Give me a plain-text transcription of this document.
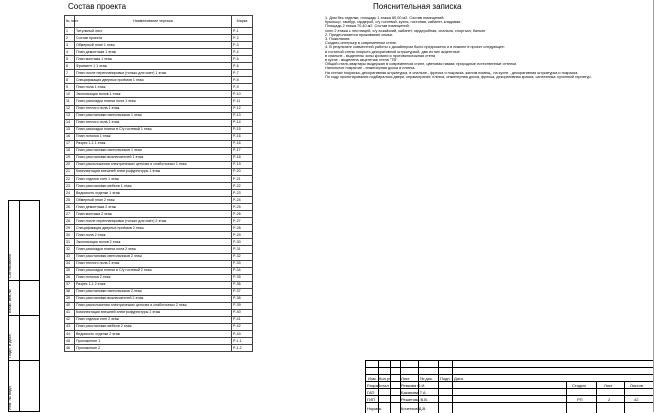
Согласовано
Взам. инв.№
Подп. и дата
Инв. № подп.
Состав проекта
№ лист	Наименование чертежа	Марка
1	Титульный лист	Р-1
2	Состав проекта	Р-2
3	Обмерный план 1 этаж	Р-3
4	План демонтажа 1 этаж	Р-4
5	План монтажа 1 этаж	Р-5
6	Фрагмент 1 1 этаж	Р-6
7	План после перепланировки (только для смет) 1 этаж	Р-7
8	Спецификация дверных проёмов 1 этаж	Р-8
9	План пола 1 этаж	Р-9
10	Экспликация полов 1 этаж	Р-10
11	План раскладки плитки пола 1 этаж	Р-11
12	План теплого пола 1 этаж	Р-12
13	План расстановки светильников 1 этаж	Р-13
14	План теплого пола 1 этаж	Р-14
15	План раскладки плитки в С/у гостевой 1 этаж	Р-15
16	План потолка 1 этаж	Р-16
17	Разрез 1-1 1 этаж	Р-16
18	План расстановки светильников 1 этаж	Р-17
19	План расстановки выключателей 1 этаж	Р-18
20	План расположения электрических цепочек и слаботочных 1 этаж	Р-19
21	Комплектация внешней электрофурнитуры 1 этаж	Р-20
22	План отделки стен 1 этаж	Р-21
23	План расстановки мебели 1 этаж	Р-22
24	Ведомость отделки 1 этаж	Р-23
25	Обмерный план 2 этаж	Р-24
26	План демонтажа 2 этаж	Р-25
27	План монтажа 2 этаж	Р-26
28	План после перепланировки (только для смет) 2 этаж	Р-27
29	Спецификация дверных проёмов 2 этаж	Р-28
30	План пола 2 этаж	Р-29
31	Экспликация полов 2 этаж	Р-30
32	План раскладки плитки пола 2 этаж	Р-31
33	План расстановки светильников 2 этаж	Р-32
34	План теплого пола 2 этаж	Р-33
35	План раскладки плитки в С/у гостевой 2 этаж	Р-34
36	План потолка 2 этаж	Р-35
37	Разрез 1-1 2 этаж	Р-36
38	План расстановки светильников 2 этаж	Р-37
39	План расстановки выключателей 2 этаж	Р-38
40	План расположения электрических цепочек и слаботочных 2 этаж	Р-39
41	Комплектация внешней электрофурнитуры 2 этаж	Р-40
42	План отделки стен 2 этаж	Р-41
43	План расстановки мебели 2 этаж	Р-42
44	Ведомость отделки 2 этаж	Р-43
45	Приложение 1	Р-1.1
46	Приложение 2	Р-1.2
Пояснительная записка
1. Дом без отделки, площадь 1 этажа 80,00 м2. Состав помещений:
Крыльцо, тамбур, гардероб, с/у гостевой, кухня, гостиная, кабинет, кладовая.
Площадь 2 этажа 70,40 м2. Состав помещений:
холл 2 этажа с лестницей, с/у хозяйский, кабинет, гардеробная, спальня, спортзал, балкон.
2. Предполагается проживание семьи.
3. Пожелания:
Создать интерьер в современном стиле.
4. В результате совместной работы с дизайнером было предложено и в нижнее в проект следующее:
в гостиной стены покрыть декоративной штукатуркой, два из них акцентные
в спальне - выделены зоны кровати и противоположная стена
в кухне - выделена акцентная стена "ТВ"
Общий стиль квартиры выдержан в современном стиле, цветовая гамма: природные естественные оттенки.
Напольное покрытие - инженерная доска и плитка.
На стенах покраска, декоративная штукатурка, в спальне - фреска и покраска, жилом помещ., на кухне - декоративная штукатурка и покраска.
По ходу проектирования подбирались двери, керамогранит, плитка, инженерная доска, фреска, декоративная краска, сантехника, кухонный гарнитур.
Изм. Кол.уч	Лист	№ док. Подп. Дата
Разработал	Ревкова О.И.
ГАП	Баканова Т.А.
ГИП	Решетова В.В.
Нормок.	Кочетков Д.В.
Стадия	Лист	Листов
РП	2	42
